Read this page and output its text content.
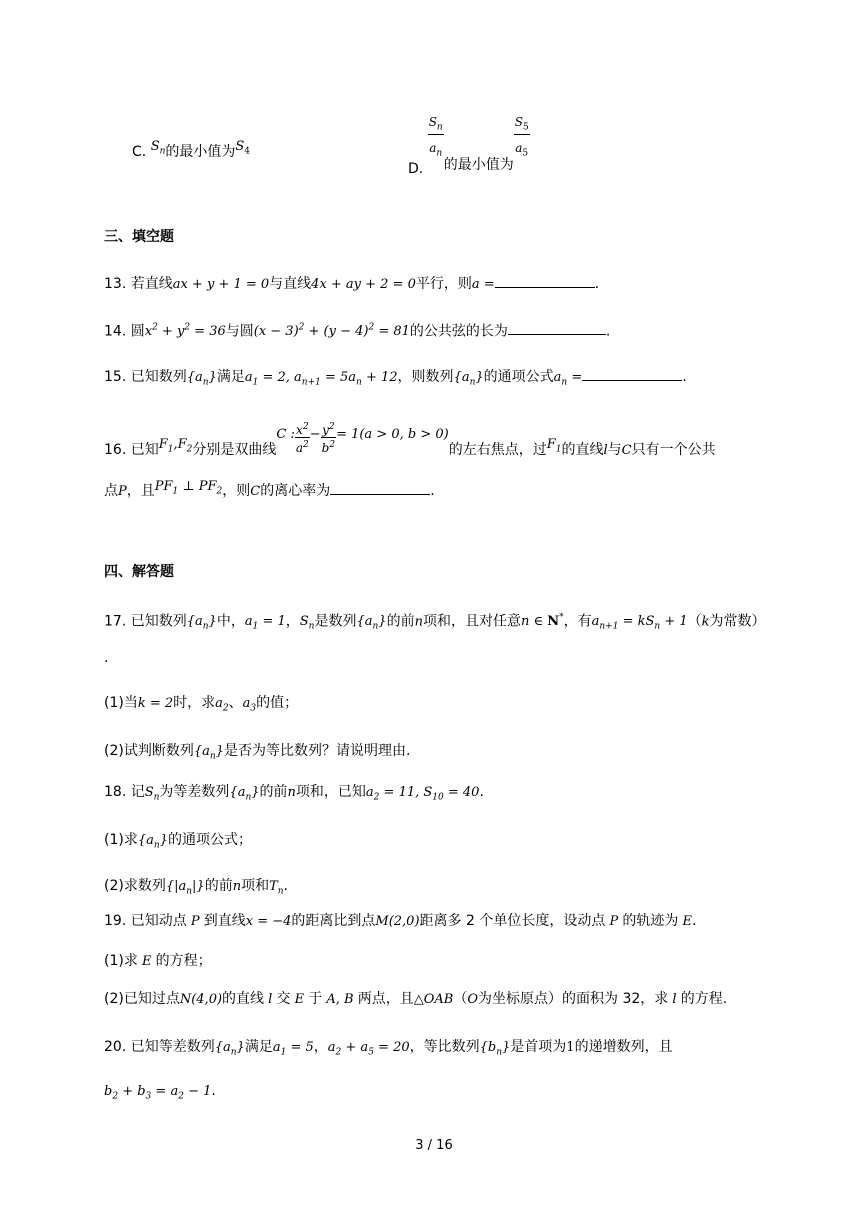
C. $S_n$的最小值为$S_4$
D.
$\frac{S_n}{a_n}$
的最小值为
$\frac{S_5}{a_5}$
三、填空题
13. 若直线ax + y + 1 = 0与直线4x + ay + 2 = 0平行，则a =	.
14. 圆$x^2 + y^2 = 36$与圆$(x - 3)^2 + (y - 4)^2 = 81$的公共弦的长为	.
15. 已知数列$\{a_n\}$满足$a_1 = 2$, $a_{n+1} = 5a_n + 12$，则数列$\{a_n\}$的通项公式$a_n$ =	.
16. 已知$F_1,F_2$分别是双曲线C : $\frac{x^2}{a^2} - \frac{y^2}{b^2} = 1(a > 0$, b > 0)的左右焦点，过$F_1$的直线l与C只有一个公共
点P，且$PF_1$ ⊥ $PF_2$，则C的离心率为	.
四、解答题
17. 已知数列$\{a_n\}$中，$a_1 = 1$，$S_n$是数列$\{a_n\}$的前n项和，且对任意n ∈ N*，有$a_{n+1} = kS_n + 1(k$为常数）
.
(1)当k = 2时，求$a_2$、$a_3$的值；
(2)试判断数列$\{a_n\}$是否为等比数列？请说明理由.
18. 记$S_n$为等差数列$\{a_n\}$的前n项和，已知$a_2 = 11$, $S_{10} = 40$.
(1)求$\{a_n\}$的通项公式；
(2)求数列$\{|a_n|\}$的前n项和$T_n$.
19. 已知动点 P 到直线x = −4的距离比到点M(2,0)距离多 2 个单位长度，设动点 P 的轨迹为 E.
(1)求 E 的方程；
(2)已知过点N(4,0)的直线 l 交 E 于 A, B 两点，且△OAB（O为坐标原点）的面积为 32，求 l 的方程.
20. 已知等差数列$\{a_n\}$满足$a_1 = 5$，$a_2 + a_5 = 20$，等比数列$\{b_n\}$是首项为1的递增数列，且
$b_2 + b_3 = a_2 - 1$.
3 / 16
